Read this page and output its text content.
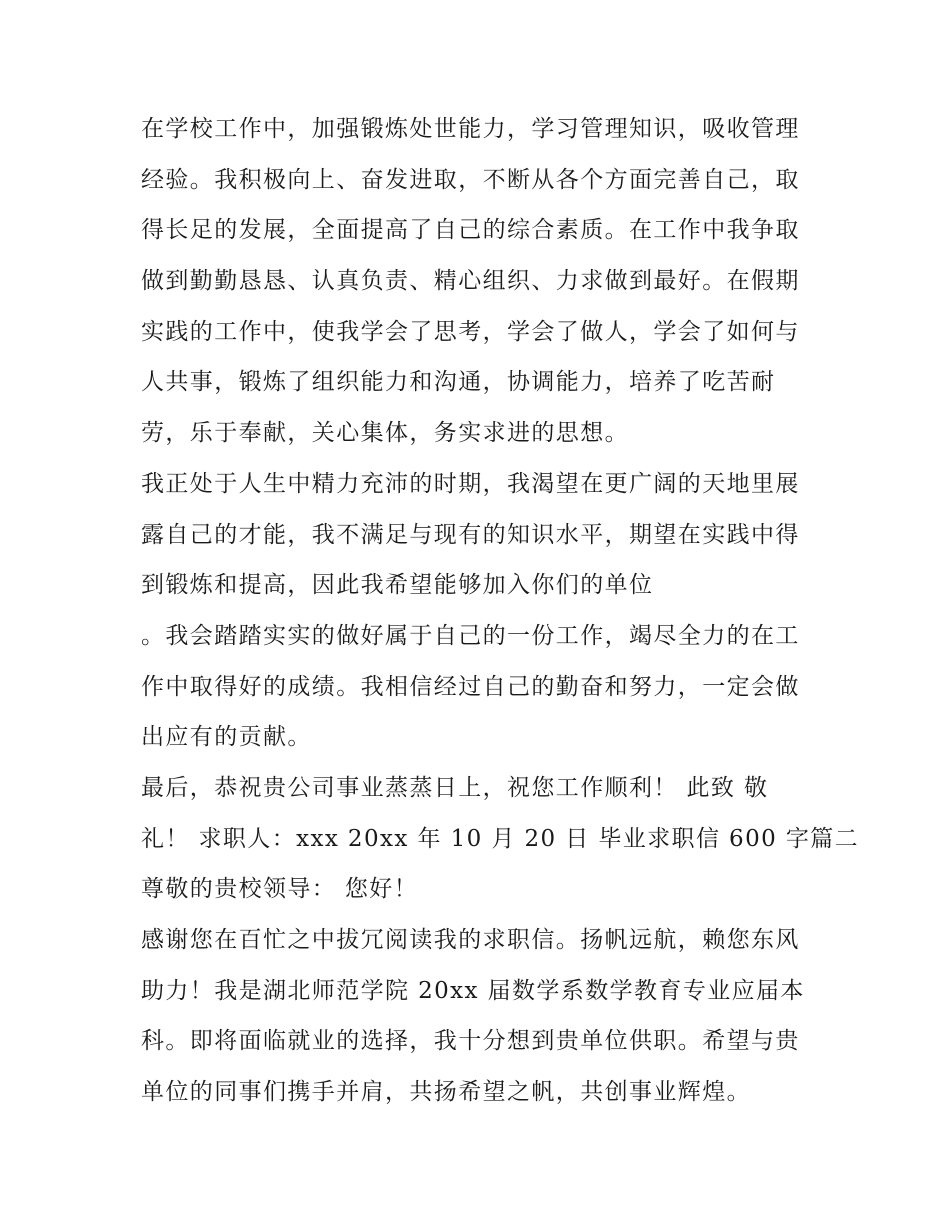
在学校工作中，加强锻炼处世能力，学习管理知识，吸收管理
经验。我积极向上、奋发进取，不断从各个方面完善自己，取
得长足的发展，全面提高了自己的综合素质。在工作中我争取
做到勤勤恳恳、认真负责、精心组织、力求做到最好。在假期
实践的工作中，使我学会了思考，学会了做人，学会了如何与
人共事，锻炼了组织能力和沟通，协调能力，培养了吃苦耐
劳，乐于奉献，关心集体，务实求进的思想。
我正处于人生中精力充沛的时期，我渴望在更广阔的天地里展
露自己的才能，我不满足与现有的知识水平，期望在实践中得
到锻炼和提高，因此我希望能够加入你们的单位
。我会踏踏实实的做好属于自己的一份工作，竭尽全力的在工
作中取得好的成绩。我相信经过自己的勤奋和努力，一定会做
出应有的贡献。
最后，恭祝贵公司事业蒸蒸日上，祝您工作顺利！ 此致 敬
礼！ 求职人：xxx 20xx 年 10 月 20 日 毕业求职信 600 字篇二
尊敬的贵校领导： 您好！
感谢您在百忙之中拔冗阅读我的求职信。扬帆远航，赖您东风
助力！我是湖北师范学院 20xx 届数学系数学教育专业应届本
科。即将面临就业的选择，我十分想到贵单位供职。希望与贵
单位的同事们携手并肩，共扬希望之帆，共创事业辉煌。
